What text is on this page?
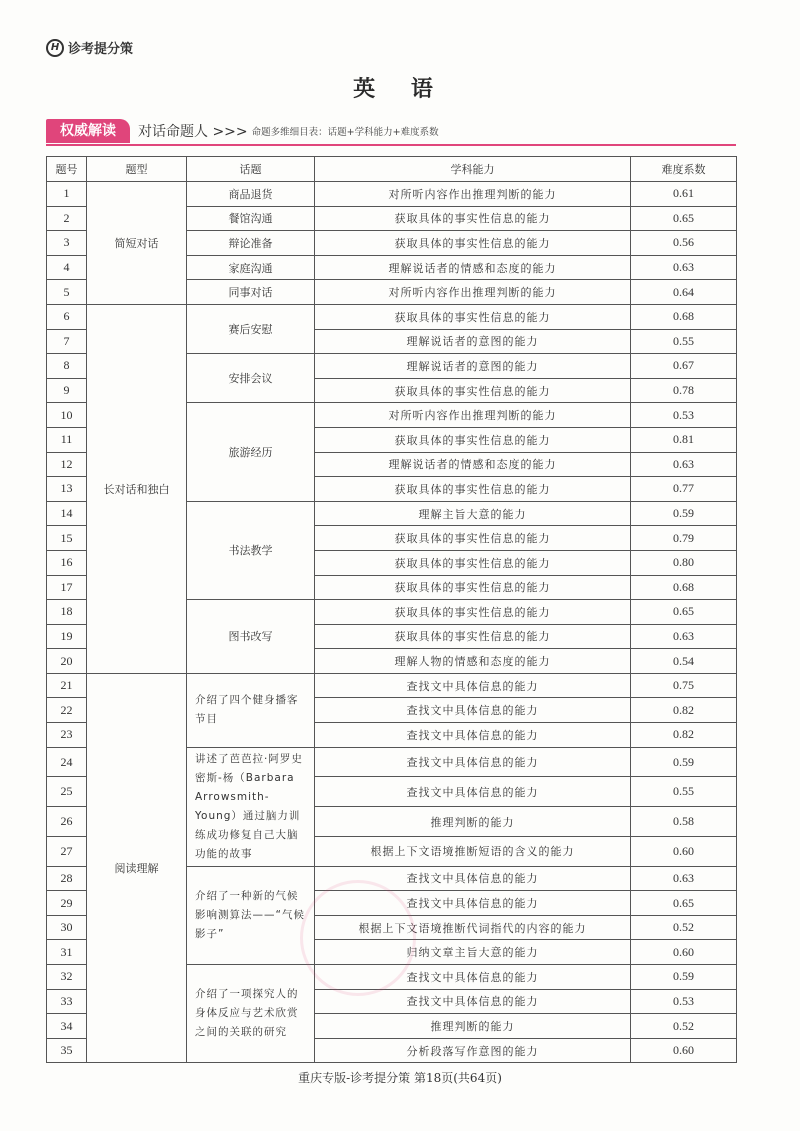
H 诊考提分策
英 语
权威解读	对话命题人 >>> 命题多维细目表：话题+学科能力+难度系数
题号	题型	话题	学科能力	难度系数
1	简短对话	商品退货	对所听内容作出推理判断的能力	0.61
2		餐馆沟通	获取具体的事实性信息的能力	0.65
3		辩论准备	获取具体的事实性信息的能力	0.56
4		家庭沟通	理解说话者的情感和态度的能力	0.63
5		同事对话	对所听内容作出推理判断的能力	0.64
6	长对话和独白	赛后安慰	获取具体的事实性信息的能力	0.68
7			理解说话者的意图的能力	0.55
8		安排会议	理解说话者的意图的能力	0.67
9			获取具体的事实性信息的能力	0.78
10		旅游经历	对所听内容作出推理判断的能力	0.53
11			获取具体的事实性信息的能力	0.81
12			理解说话者的情感和态度的能力	0.63
13			获取具体的事实性信息的能力	0.77
14		书法教学	理解主旨大意的能力	0.59
15			获取具体的事实性信息的能力	0.79
16			获取具体的事实性信息的能力	0.80
17			获取具体的事实性信息的能力	0.68
18		图书改写	获取具体的事实性信息的能力	0.65
19			获取具体的事实性信息的能力	0.63
20			理解人物的情感和态度的能力	0.54
21	阅读理解	介绍了四个健身播客节目	查找文中具体信息的能力	0.75
22			查找文中具体信息的能力	0.82
23			查找文中具体信息的能力	0.82
24		讲述了芭芭拉·阿罗史密斯-杨（Barbara Arrowsmith-Young）通过脑力训练成功修复自己大脑功能的故事	查找文中具体信息的能力	0.59
25			查找文中具体信息的能力	0.55
26			推理判断的能力	0.58
27			根据上下文语境推断短语的含义的能力	0.60
28		介绍了一种新的气候影响测算法——“气候影子”	查找文中具体信息的能力	0.63
29			查找文中具体信息的能力	0.65
30			根据上下文语境推断代词指代的内容的能力	0.52
31			归纳文章主旨大意的能力	0.60
32		介绍了一项探究人的身体反应与艺术欣赏之间的关联的研究	查找文中具体信息的能力	0.59
33			查找文中具体信息的能力	0.53
34			推理判断的能力	0.52
35			分析段落写作意图的能力	0.60
重庆专版-诊考提分策 第18页(共64页)
